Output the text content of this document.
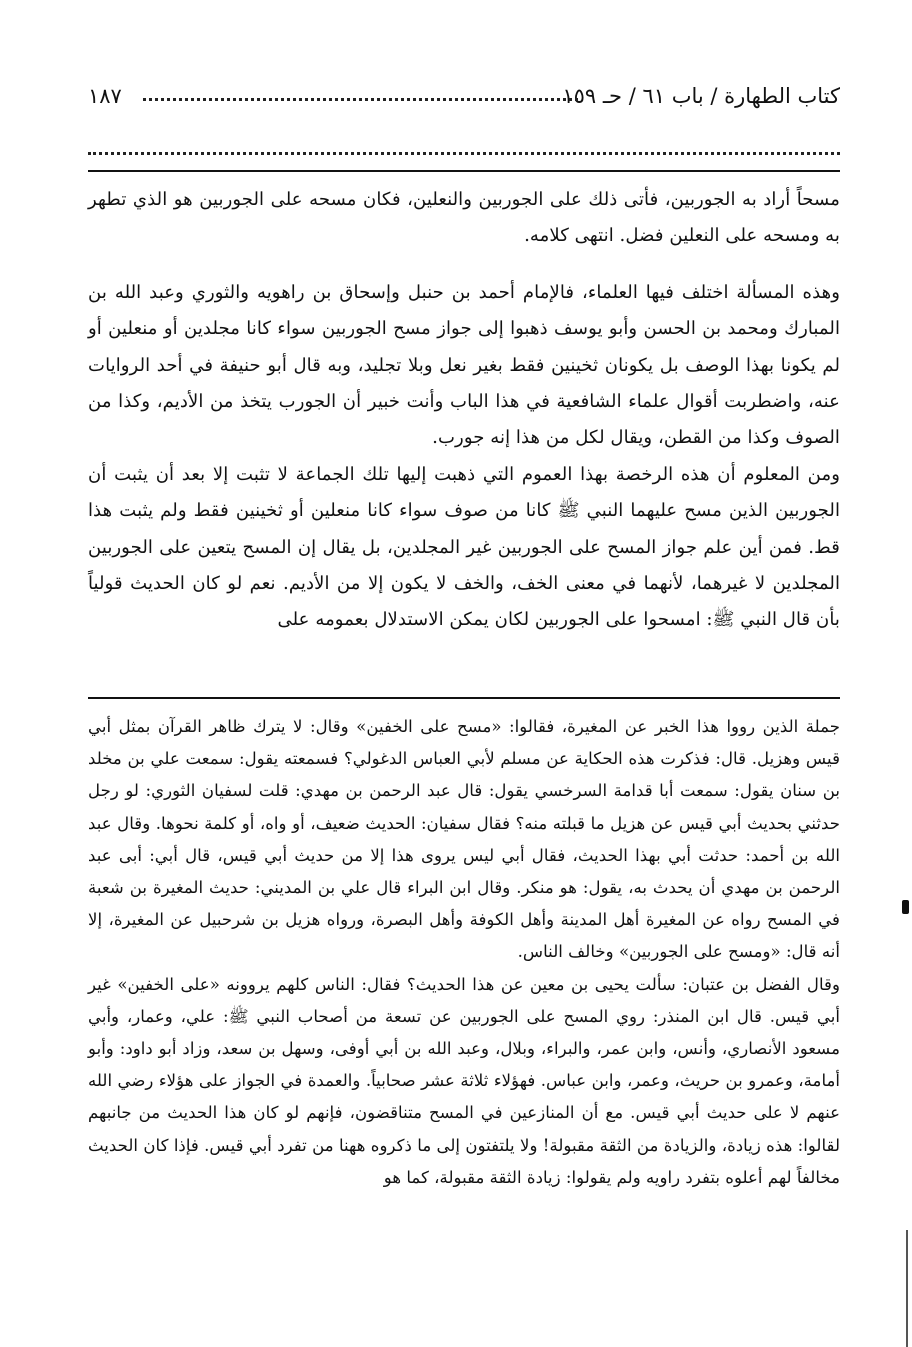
كتاب الطهارة / باب ٦١ / حـ ١٥٩
١٨٧

مسحاً أراد به الجوربين، فأتى ذلك على الجوربين والنعلين، فكان مسحه على الجوربين هو الذي تطهر به ومسحه على النعلين فضل. انتهى كلامه.

وهذه المسألة اختلف فيها العلماء، فالإمام أحمد بن حنبل وإسحاق بن راهويه والثوري وعبد الله بن المبارك ومحمد بن الحسن وأبو يوسف ذهبوا إلى جواز مسح الجوربين سواء كانا مجلدين أو منعلين أو لم يكونا بهذا الوصف بل يكونان ثخينين فقط بغير نعل وبلا تجليد، وبه قال أبو حنيفة في أحد الروايات عنه، واضطربت أقوال علماء الشافعية في هذا الباب وأنت خبير أن الجورب يتخذ من الأديم، وكذا من الصوف وكذا من القطن، ويقال لكل من هذا إنه جورب.

ومن المعلوم أن هذه الرخصة بهذا العموم التي ذهبت إليها تلك الجماعة لا تثبت إلا بعد أن يثبت أن الجوربين الذين مسح عليهما النبي ﷺ كانا من صوف سواء كانا منعلين أو ثخينين فقط ولم يثبت هذا قط. فمن أين علم جواز المسح على الجوربين غير المجلدين، بل يقال إن المسح يتعين على الجوربين المجلدين لا غيرهما، لأنهما في معنى الخف، والخف لا يكون إلا من الأديم. نعم لو كان الحديث قولياً بأن قال النبي ﷺ: امسحوا على الجوربين لكان يمكن الاستدلال بعمومه على

جملة الذين رووا هذا الخبر عن المغيرة، فقالوا: «مسح على الخفين» وقال: لا يترك ظاهر القرآن بمثل أبي قيس وهزيل. قال: فذكرت هذه الحكاية عن مسلم لأبي العباس الدغولي؟ فسمعته يقول: سمعت علي بن مخلد بن سنان يقول: سمعت أبا قدامة السرخسي يقول: قال عبد الرحمن بن مهدي: قلت لسفيان الثوري: لو رجل حدثني بحديث أبي قيس عن هزيل ما قبلته منه؟ فقال سفيان: الحديث ضعيف، أو واه، أو كلمة نحوها. وقال عبد الله بن أحمد: حدثت أبي بهذا الحديث، فقال أبي ليس يروى هذا إلا من حديث أبي قيس، قال أبي: أبى عبد الرحمن بن مهدي أن يحدث به، يقول: هو منكر. وقال ابن البراء قال علي بن المديني: حديث المغيرة بن شعبة في المسح رواه عن المغيرة أهل المدينة وأهل الكوفة وأهل البصرة، ورواه هزيل بن شرحبيل عن المغيرة، إلا أنه قال: «ومسح على الجوربين» وخالف الناس.

وقال الفضل بن عتبان: سألت يحيى بن معين عن هذا الحديث؟ فقال: الناس كلهم يروونه «على الخفين» غير أبي قيس. قال ابن المنذر: روي المسح على الجوربين عن تسعة من أصحاب النبي ﷺ: علي، وعمار، وأبي مسعود الأنصاري، وأنس، وابن عمر، والبراء، وبلال، وعبد الله بن أبي أوفى، وسهل بن سعد، وزاد أبو داود: وأبو أمامة، وعمرو بن حريث، وعمر، وابن عباس. فهؤلاء ثلاثة عشر صحابياً. والعمدة في الجواز على هؤلاء رضي الله عنهم لا على حديث أبي قيس. مع أن المنازعين في المسح متناقضون، فإنهم لو كان هذا الحديث من جانبهم لقالوا: هذه زيادة، والزيادة من الثقة مقبولة! ولا يلتفتون إلى ما ذكروه ههنا من تفرد أبي قيس. فإذا كان الحديث مخالفاً لهم أعلوه بتفرد راويه ولم يقولوا: زيادة الثقة مقبولة، كما هو
